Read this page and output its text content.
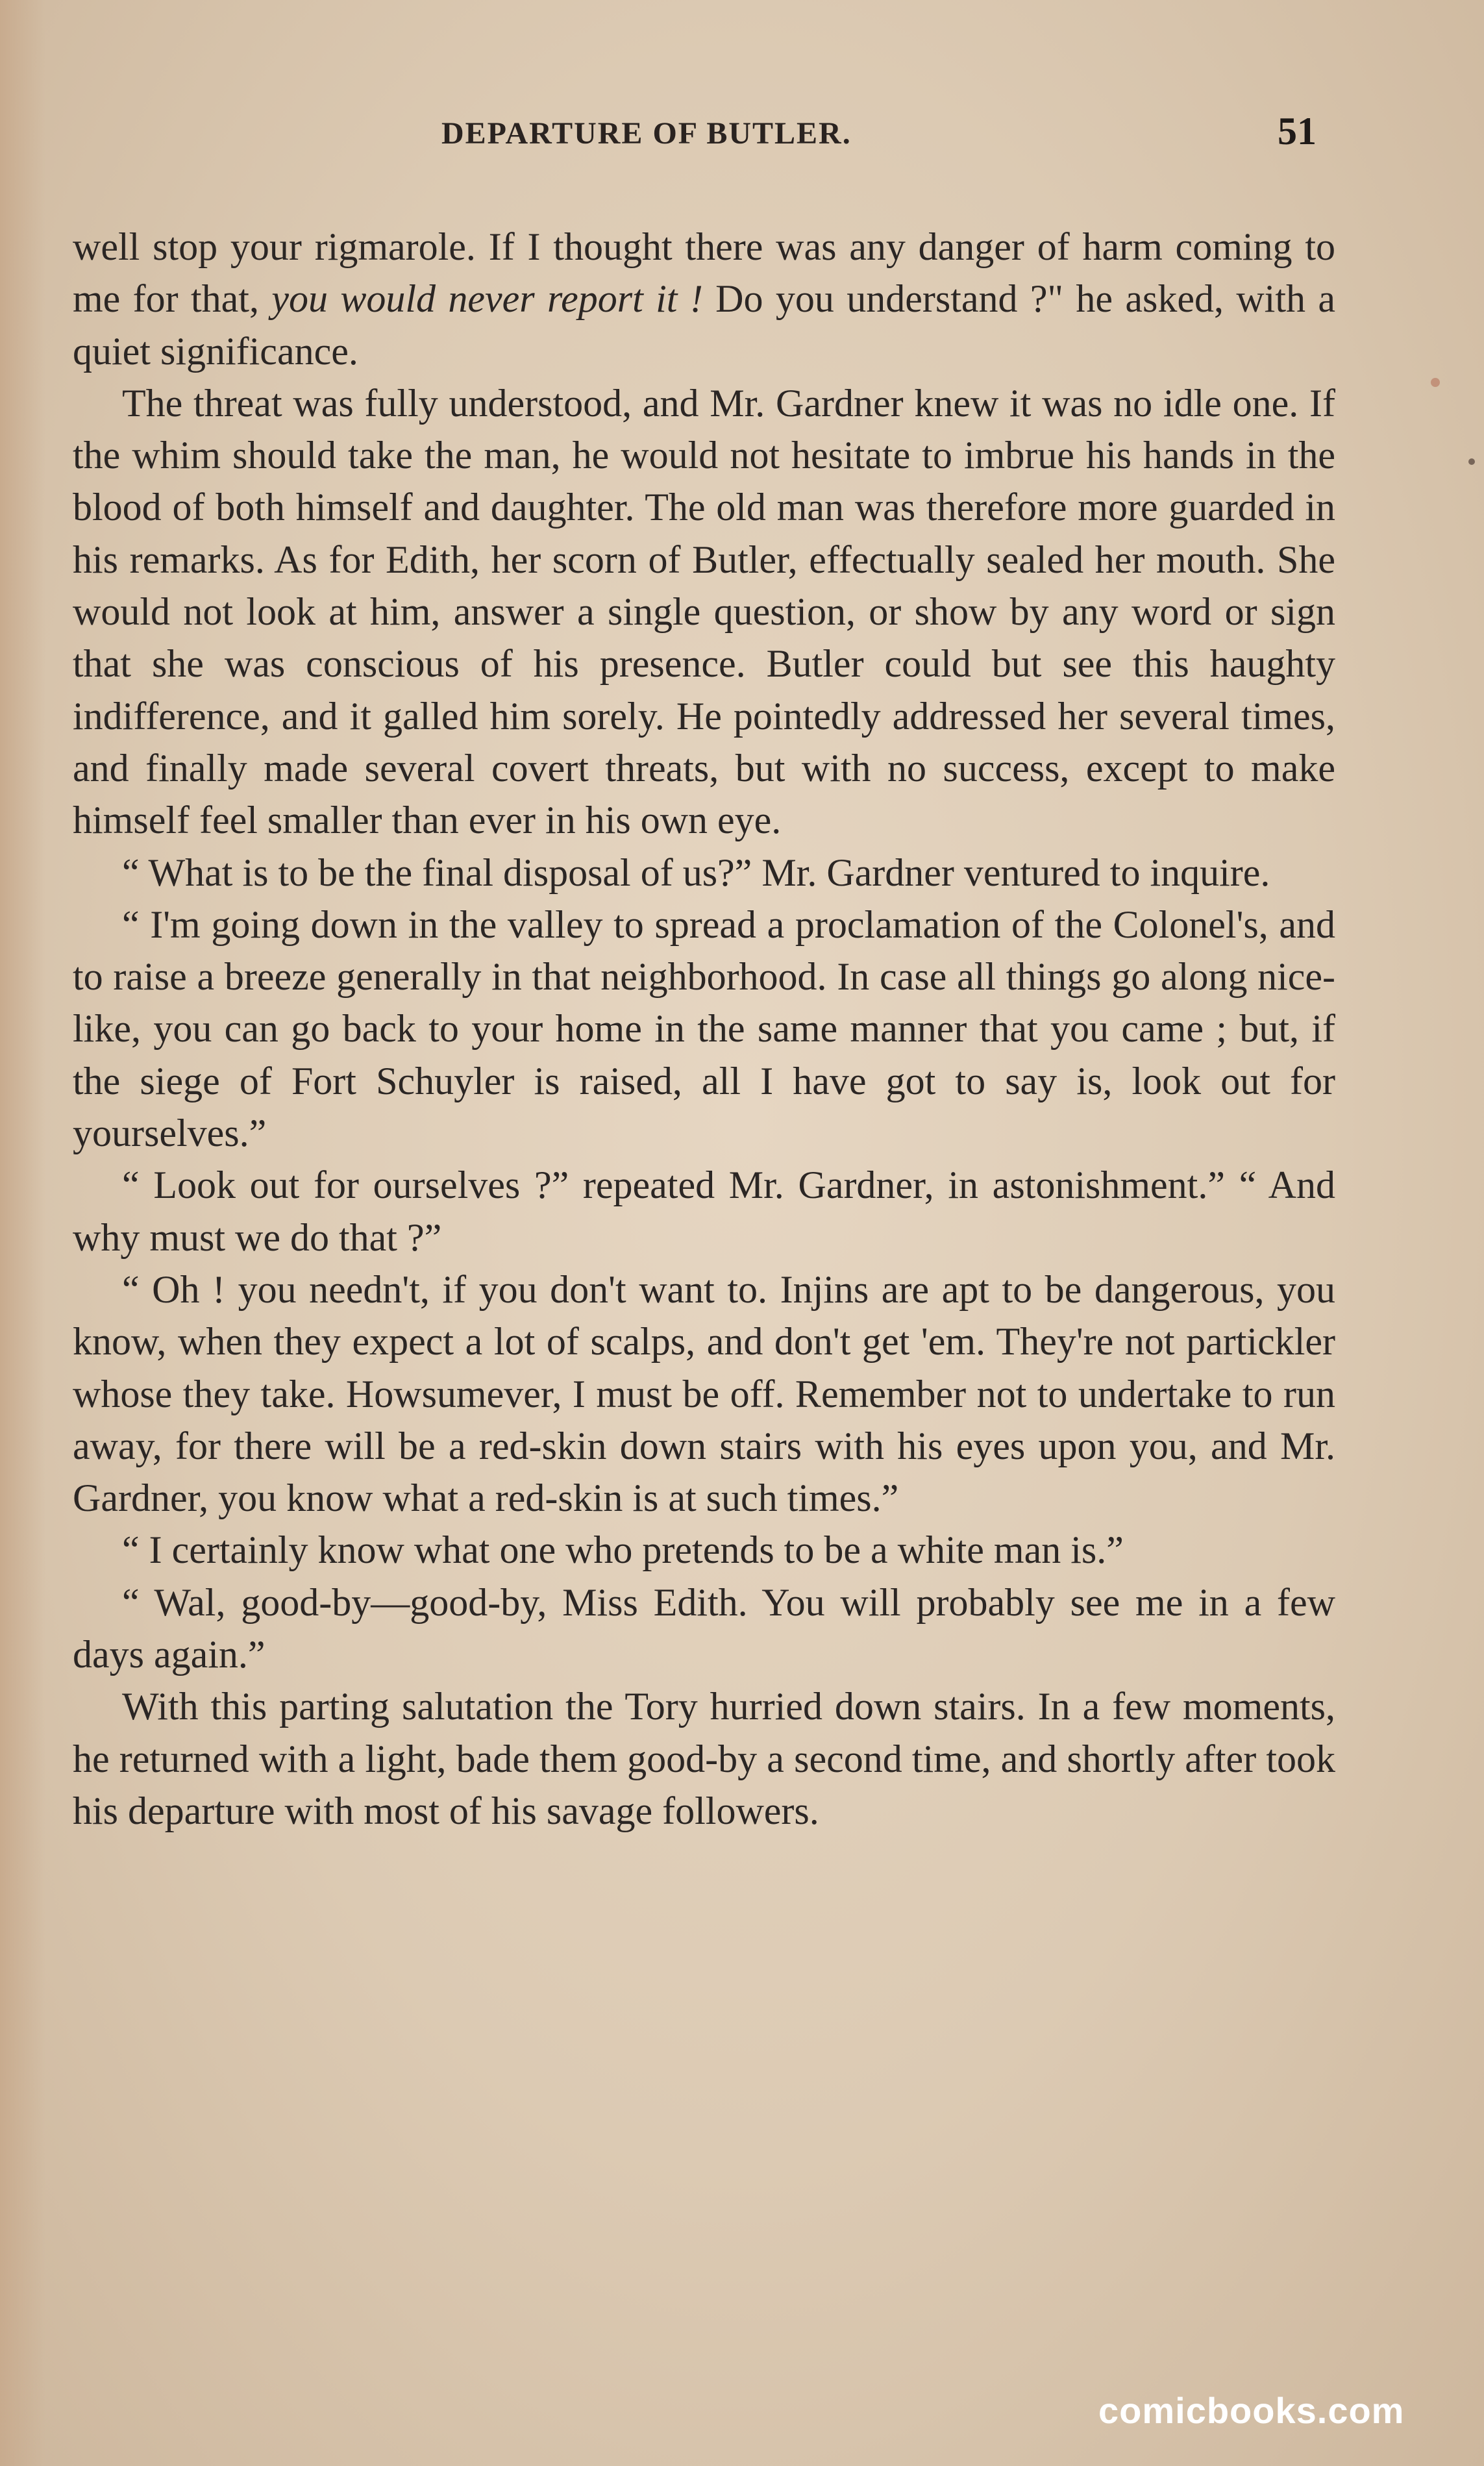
DEPARTURE OF BUTLER.	51

well stop your rigmarole. If I thought there was any danger of harm coming to me for that, you would never report it ! Do you understand ?" he asked, with a quiet significance.

The threat was fully understood, and Mr. Gardner knew it was no idle one. If the whim should take the man, he would not hesitate to imbrue his hands in the blood of both himself and daughter. The old man was therefore more guarded in his remarks. As for Edith, her scorn of Butler, effectually sealed her mouth. She would not look at him, answer a single question, or show by any word or sign that she was conscious of his presence. Butler could but see this haughty indifference, and it galled him sorely. He pointedly addressed her several times, and finally made several covert threats, but with no success, except to make himself feel smaller than ever in his own eye.

“ What is to be the final disposal of us?” Mr. Gardner ventured to inquire.

“ I'm going down in the valley to spread a proclamation of the Colonel's, and to raise a breeze generally in that neighborhood. In case all things go along nice-like, you can go back to your home in the same manner that you came ; but, if the siege of Fort Schuyler is raised, all I have got to say is, look out for yourselves.”

“ Look out for ourselves ?” repeated Mr. Gardner, in astonishment.” “ And why must we do that ?”

“ Oh ! you needn't, if you don't want to. Injins are apt to be dangerous, you know, when they expect a lot of scalps, and don't get 'em. They're not partickler whose they take. Howsumever, I must be off. Remember not to undertake to run away, for there will be a red-skin down stairs with his eyes upon you, and Mr. Gardner, you know what a red-skin is at such times.”

“ I certainly know what one who pretends to be a white man is.”

“ Wal, good-by—good-by, Miss Edith. You will probably see me in a few days again.”

With this parting salutation the Tory hurried down stairs. In a few moments, he returned with a light, bade them good-by a second time, and shortly after took his departure with most of his savage followers.

comicbooks.com
